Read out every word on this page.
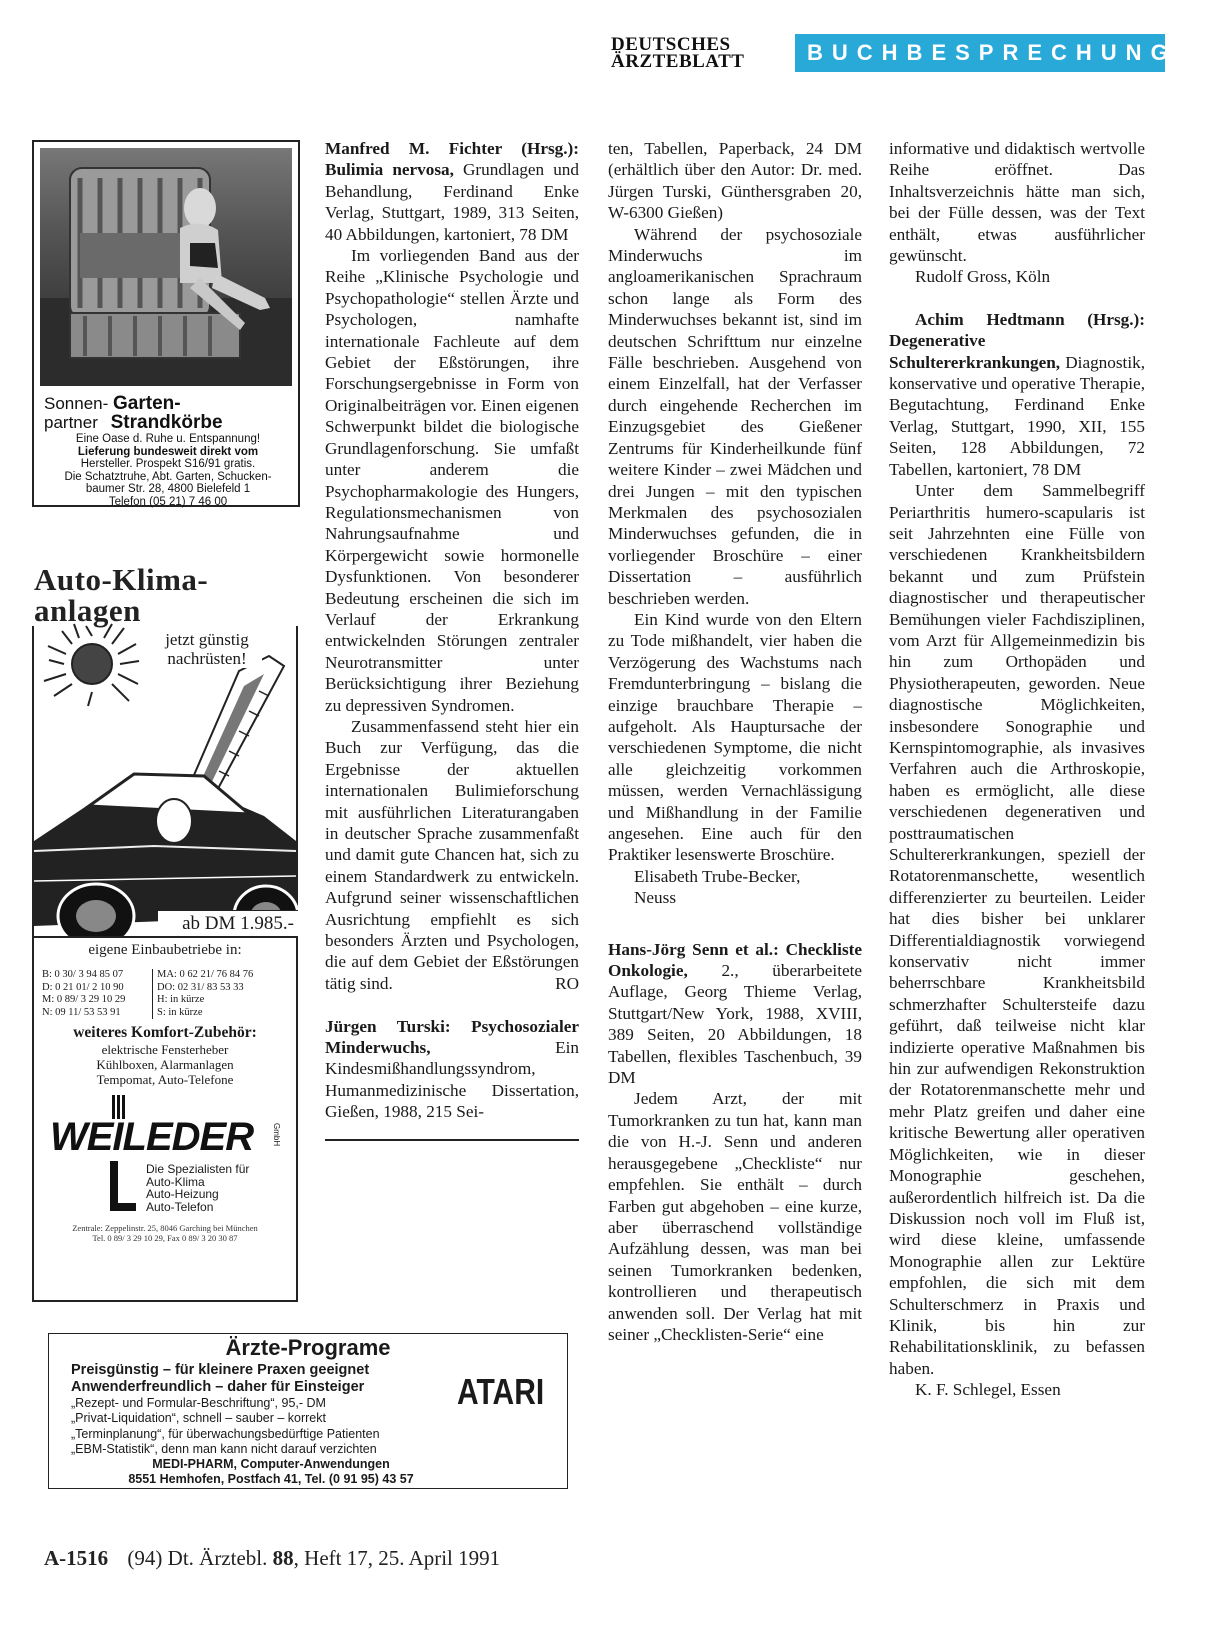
DEUTSCHES
ÄRZTEBLATT	BUCHBESPRECHUNGEN
Sonnen- Garten-
partner Strandkörbe
Eine Oase d. Ruhe u. Entspannung!
Lieferung bundesweit direkt vom
Hersteller. Prospekt S16/91 gratis.
Die Schatztruhe, Abt. Garten, Schucken-
baumer Str. 28, 4800 Bielefeld 1
Telefon (05 21) 7 46 00
Auto-Klima-
anlagen
jetzt günstig
nachrüsten!
ab DM 1.985.-
eigene Einbaubetriebe in:
B: 0 30/ 3 94 85 07
D: 0 21 01/ 2 10 90
M: 0 89/ 3 29 10 29
N: 09 11/ 53 53 91
MA: 0 62 21/ 76 84 76
DO: 02 31/ 83 53 33
H: in kürze
S: in kürze
weiteres Komfort-Zubehör:
elektrische Fensterheber
Kühlboxen, Alarmanlagen
Tempomat, Auto-Telefone
WEILEDER GmbH
Die Spezialisten für
Auto-Klima
Auto-Heizung
Auto-Telefon
Zentrale: Zeppelinstr. 25, 8046 Garching bei München
Tel. 0 89/ 3 29 10 29, Fax 0 89/ 3 20 30 87
Ärzte-Programe
Preisgünstig – für kleinere Praxen geeignet
Anwenderfreundlich – daher für Einsteiger
„Rezept- und Formular-Beschriftung“, 95,- DM
„Privat-Liquidation“, schnell – sauber – korrekt
„Terminplanung“, für überwachungsbedürftige Patienten
„EBM-Statistik“, denn man kann nicht darauf verzichten
MEDI-PHARM, Computer-Anwendungen
8551 Hemhofen, Postfach 41, Tel. (0 91 95) 43 57
ATARI

Manfred M. Fichter (Hrsg.): Bulimia nervosa, Grundlagen und Behandlung, Ferdinand Enke Verlag, Stuttgart, 1989, 313 Seiten, 40 Abbildungen, kartoniert, 78 DM

Im vorliegenden Band aus der Reihe „Klinische Psychologie und Psychopathologie“ stellen Ärzte und Psychologen, namhafte internationale Fachleute auf dem Gebiet der Eßstörungen, ihre Forschungsergebnisse in Form von Originalbeiträgen vor. Einen eigenen Schwerpunkt bildet die biologische Grundlagenforschung. Sie umfaßt unter anderem die Psychopharmakologie des Hungers, Regulationsmechanismen von Nahrungsaufnahme und Körpergewicht sowie hormonelle Dysfunktionen. Von besonderer Bedeutung erscheinen die sich im Verlauf der Erkrankung entwickelnden Störungen zentraler Neurotransmitter unter Berücksichtigung ihrer Beziehung zu depressiven Syndromen.

Zusammenfassend steht hier ein Buch zur Verfügung, das die Ergebnisse der aktuellen internationalen Bulimieforschung mit ausführlichen Literaturangaben in deutscher Sprache zusammenfaßt und damit gute Chancen hat, sich zu einem Standardwerk zu entwickeln. Aufgrund seiner wissenschaftlichen Ausrichtung empfiehlt es sich besonders Ärzten und Psychologen, die auf dem Gebiet der Eßstörungen tätig sind.	RO

Jürgen Turski: Psychosozialer Minderwuchs, Ein Kindesmißhandlungssyndrom, Humanmedizinische Dissertation, Gießen, 1988, 215 Sei-

ten, Tabellen, Paperback, 24 DM (erhältlich über den Autor: Dr. med. Jürgen Turski, Günthersgraben 20, W-6300 Gießen)

Während der psychosoziale Minderwuchs im angloamerikanischen Sprachraum schon lange als Form des Minderwuchses bekannt ist, sind im deutschen Schrifttum nur einzelne Fälle beschrieben. Ausgehend von einem Einzelfall, hat der Verfasser durch eingehende Recherchen im Einzugsgebiet des Gießener Zentrums für Kinderheilkunde fünf weitere Kinder – zwei Mädchen und drei Jungen – mit den typischen Merkmalen des psychosozialen Minderwuchses gefunden, die in vorliegender Broschüre – einer Dissertation – ausführlich beschrieben werden.

Ein Kind wurde von den Eltern zu Tode mißhandelt, vier haben die Verzögerung des Wachstums nach Fremdunterbringung – bislang die einzige brauchbare Therapie – aufgeholt. Als Hauptursache der verschiedenen Symptome, die nicht alle gleichzeitig vorkommen müssen, werden Vernachlässigung und Mißhandlung in der Familie angesehen. Eine auch für den Praktiker lesenswerte Broschüre.

Elisabeth Trube-Becker,

Neuss

Hans-Jörg Senn et al.: Checkliste Onkologie, 2., überarbeitete Auflage, Georg Thieme Verlag, Stuttgart/New York, 1988, XVIII, 389 Seiten, 20 Abbildungen, 18 Tabellen, flexibles Taschenbuch, 39 DM

Jedem Arzt, der mit Tumorkranken zu tun hat, kann man die von H.-J. Senn und anderen herausgegebene „Checkliste“ nur empfehlen. Sie enthält – durch Farben gut abgehoben – eine kurze, aber überraschend vollständige Aufzählung dessen, was man bei seinen Tumorkranken bedenken, kontrollieren und therapeutisch anwenden soll. Der Verlag hat mit seiner „Checklisten-Serie“ eine

informative und didaktisch wertvolle Reihe eröffnet. Das Inhaltsverzeichnis hätte man sich, bei der Fülle dessen, was der Text enthält, etwas ausführlicher gewünscht.

Rudolf Gross, Köln

Achim Hedtmann (Hrsg.): Degenerative Schultererkrankungen, Diagnostik, konservative und operative Therapie, Begutachtung, Ferdinand Enke Verlag, Stuttgart, 1990, XII, 155 Seiten, 128 Abbildungen, 72 Tabellen, kartoniert, 78 DM

Unter dem Sammelbegriff Periarthritis humero-scapularis ist seit Jahrzehnten eine Fülle von verschiedenen Krankheitsbildern bekannt und zum Prüfstein diagnostischer und therapeutischer Bemühungen vieler Fachdisziplinen, vom Arzt für Allgemeinmedizin bis hin zum Orthopäden und Physiotherapeuten, geworden. Neue diagnostische Möglichkeiten, insbesondere Sonographie und Kernspintomographie, als invasives Verfahren auch die Arthroskopie, haben es ermöglicht, alle diese verschiedenen degenerativen und posttraumatischen Schultererkrankungen, speziell der Rotatorenmanschette, wesentlich differenzierter zu beurteilen. Leider hat dies bisher bei unklarer Differentialdiagnostik vorwiegend konservativ nicht immer beherrschbare Krankheitsbild schmerzhafter Schultersteife dazu geführt, daß teilweise nicht klar indizierte operative Maßnahmen bis hin zur aufwendigen Rekonstruktion der Rotatorenmanschette mehr und mehr Platz greifen und daher eine kritische Bewertung aller operativen Möglichkeiten, wie in dieser Monographie geschehen, außerordentlich hilfreich ist. Da die Diskussion noch voll im Fluß ist, wird diese kleine, umfassende Monographie allen zur Lektüre empfohlen, die sich mit dem Schulterschmerz in Praxis und Klinik, bis hin zur Rehabilitationsklinik, zu befassen haben.

K. F. Schlegel, Essen

A-1516 (94) Dt. Ärztebl. 88, Heft 17, 25. April 1991
